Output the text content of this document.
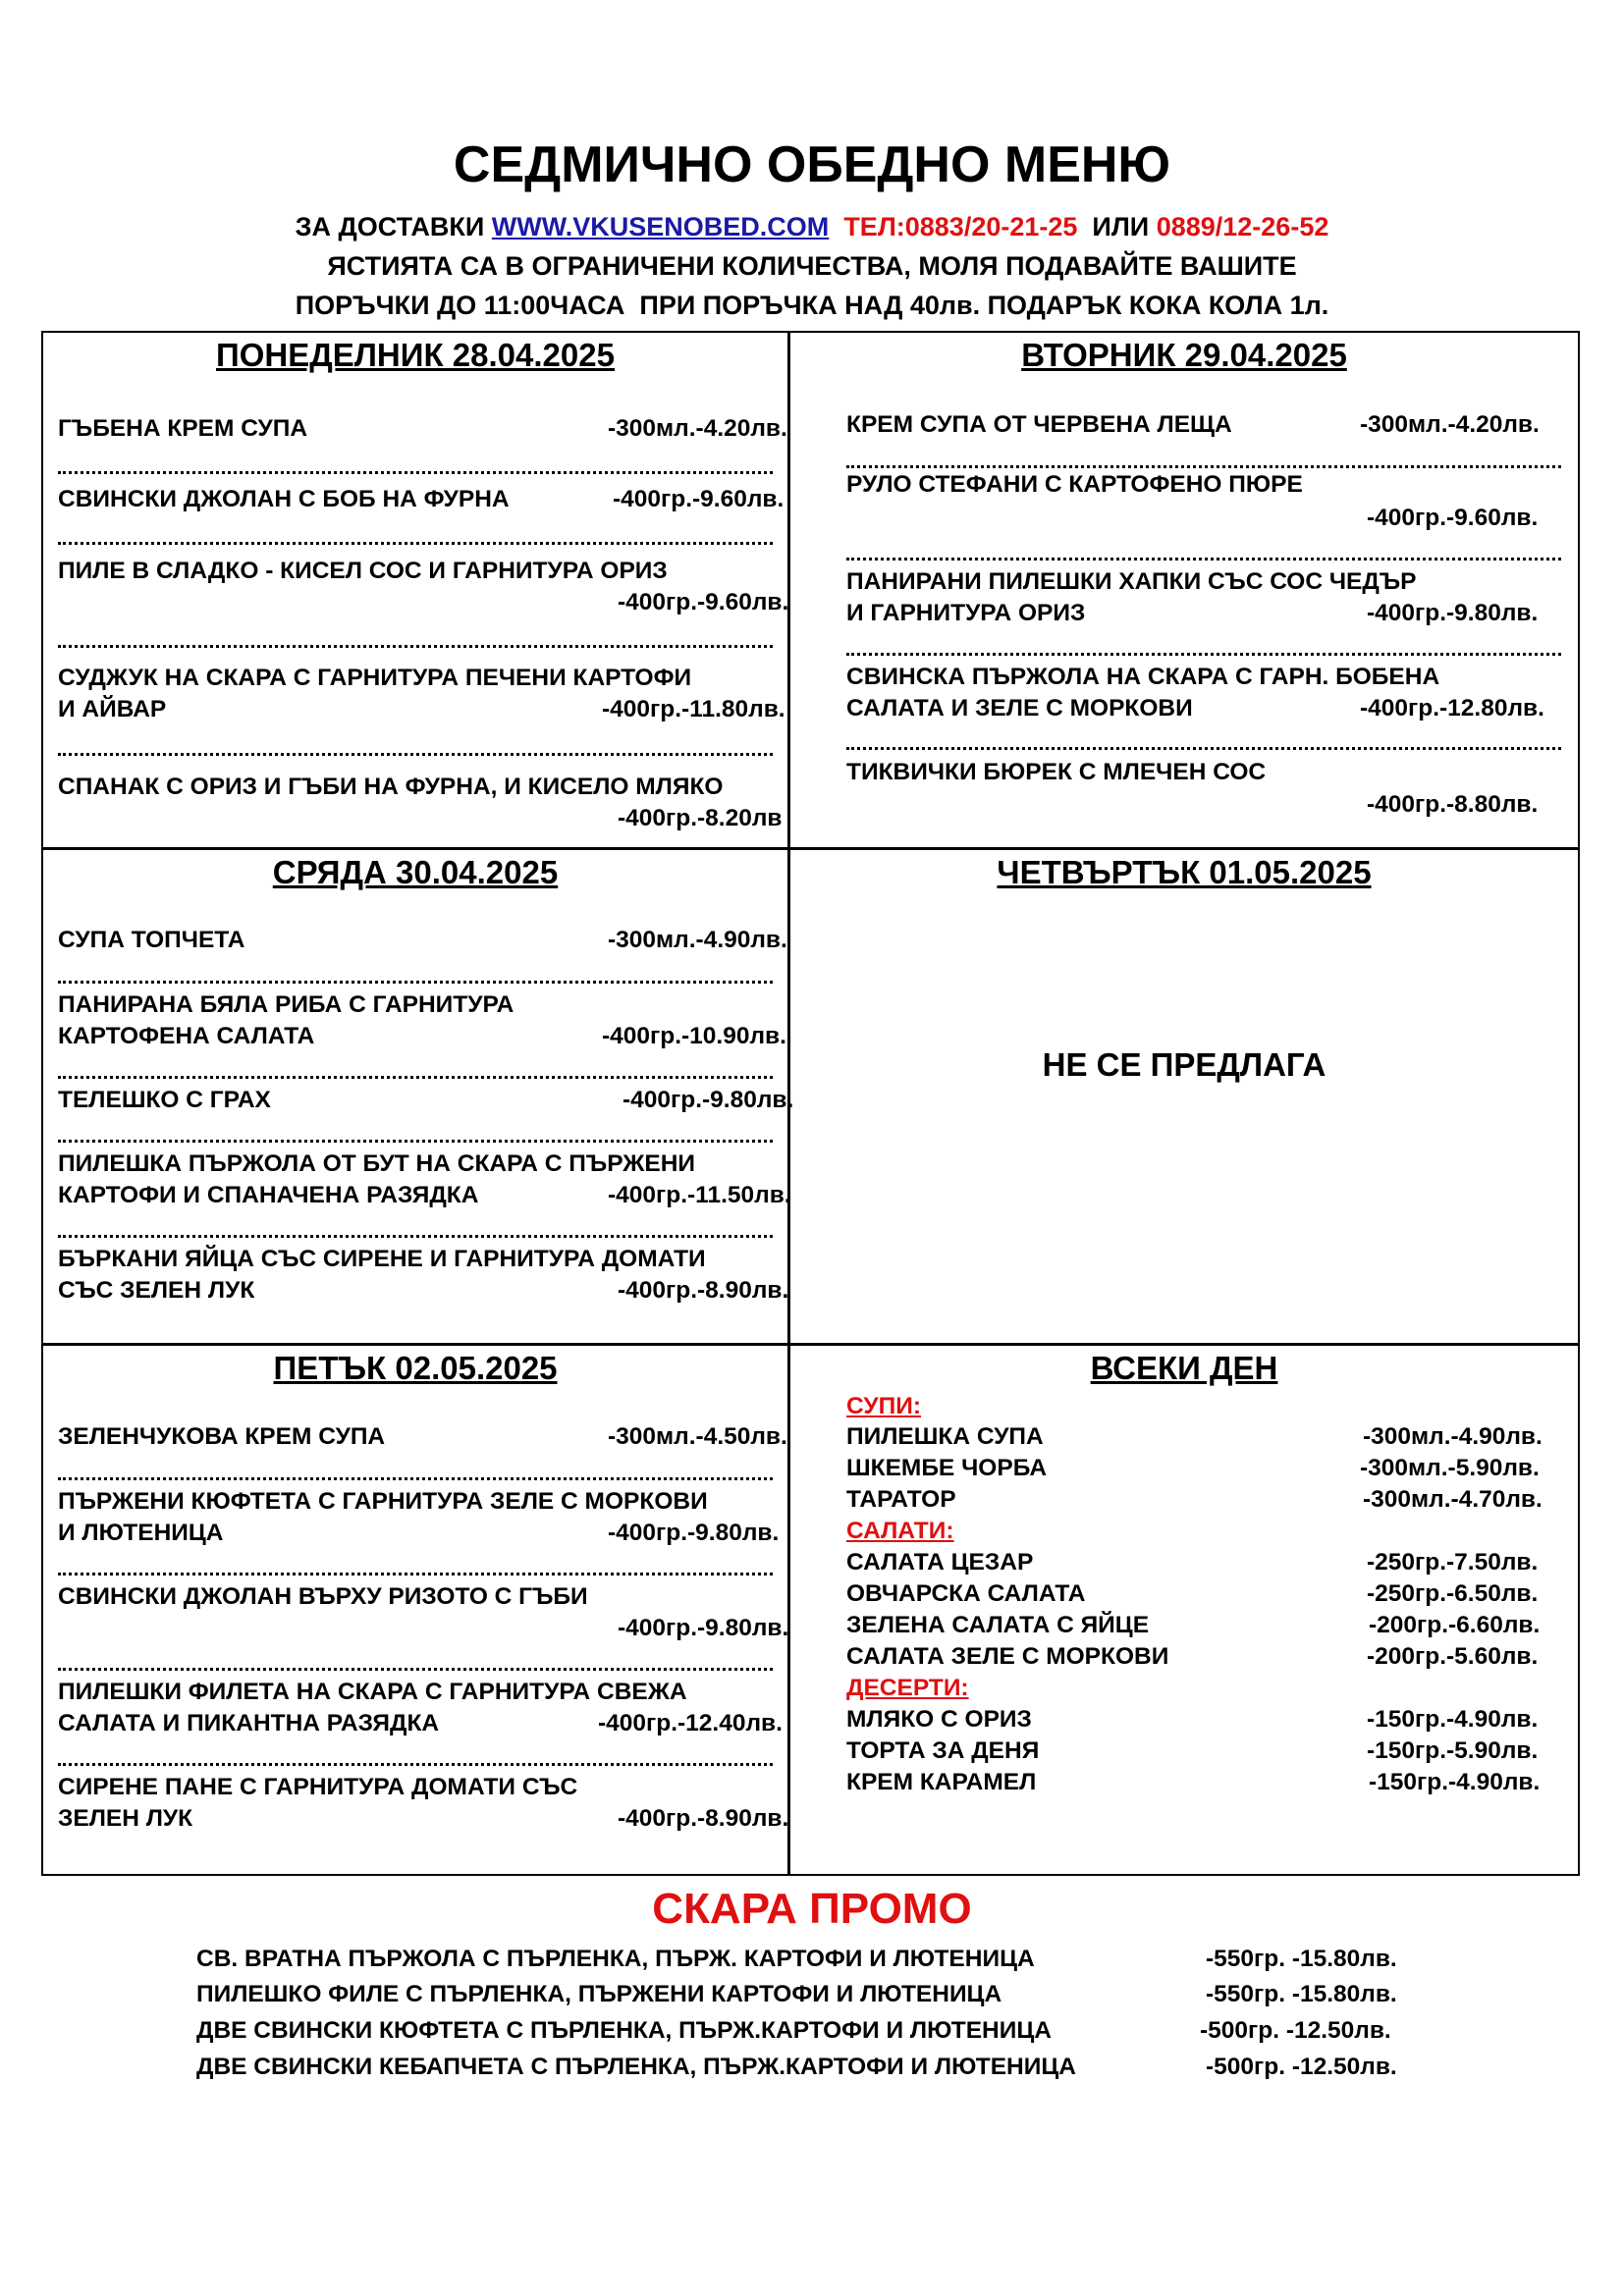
СЕДМИЧНО ОБЕДНО МЕНЮ
ЗА ДОСТАВКИ WWW.VKUSENOBED.COM ТЕЛ:0883/20-21-25 ИЛИ 0889/12-26-52
ЯСТИЯТА СА В ОГРАНИЧЕНИ КОЛИЧЕСТВА, МОЛЯ ПОДАВАЙТЕ ВАШИТЕ
ПОРЪЧКИ ДО 11:00ЧАСА  ПРИ ПОРЪЧКА НАД 40лв. ПОДАРЪК КОКА КОЛА 1л.
ПОНЕДЕЛНИК 28.04.2025
ГЪБЕНА КРЕМ СУПА	-300мл.-4.20лв.
СВИНСКИ ДЖОЛАН С БОБ НА ФУРНА	-400гр.-9.60лв.
ПИЛЕ В СЛАДКО - КИСЕЛ СОС И ГАРНИТУРА ОРИЗ
-400гр.-9.60лв.
СУДЖУК НА СКАРА С ГАРНИТУРА ПЕЧЕНИ КАРТОФИ
И АЙВАР	-400гр.-11.80лв.
СПАНАК С ОРИЗ И ГЪБИ НА ФУРНА, И КИСЕЛО МЛЯКО
-400гр.-8.20лв
ВТОРНИК 29.04.2025
КРЕМ СУПА ОТ ЧЕРВЕНА ЛЕЩА	-300мл.-4.20лв.
РУЛО СТЕФАНИ С КАРТОФЕНО ПЮРЕ
-400гр.-9.60лв.
ПАНИРАНИ ПИЛЕШКИ ХАПКИ СЪС СОС ЧЕДЪР
И ГАРНИТУРА ОРИЗ	-400гр.-9.80лв.
СВИНСКА ПЪРЖОЛА НА СКАРА С ГАРН. БОБЕНА
САЛАТА И ЗЕЛЕ С МОРКОВИ	-400гр.-12.80лв.
ТИКВИЧКИ БЮРЕК С МЛЕЧЕН СОС
-400гр.-8.80лв.
СРЯДА 30.04.2025
СУПА ТОПЧЕТА	-300мл.-4.90лв.
ПАНИРАНА БЯЛА РИБА С ГАРНИТУРА
КАРТОФЕНА САЛАТА	-400гр.-10.90лв.
ТЕЛЕШКО С ГРАХ	-400гр.-9.80лв.
ПИЛЕШКА ПЪРЖОЛА ОТ БУТ НА СКАРА С ПЪРЖЕНИ
КАРТОФИ И СПАНАЧЕНА РАЗЯДКА	-400гр.-11.50лв.
БЪРКАНИ ЯЙЦА СЪС СИРЕНЕ И ГАРНИТУРА ДОМАТИ
СЪС ЗЕЛЕН ЛУК	-400гр.-8.90лв.
ЧЕТВЪРТЪК 01.05.2025
НЕ СЕ ПРЕДЛАГА
ПЕТЪК 02.05.2025
ЗЕЛЕНЧУКОВА КРЕМ СУПА	-300мл.-4.50лв.
ПЪРЖЕНИ КЮФТЕТА С ГАРНИТУРА ЗЕЛЕ С МОРКОВИ
И ЛЮТЕНИЦА	-400гр.-9.80лв.
СВИНСКИ ДЖОЛАН ВЪРХУ РИЗОТО С ГЪБИ
-400гр.-9.80лв.
ПИЛЕШКИ ФИЛЕТА НА СКАРА С ГАРНИТУРА СВЕЖА
САЛАТА И ПИКАНТНА РАЗЯДКА	-400гр.-12.40лв.
СИРЕНЕ ПАНЕ С ГАРНИТУРА ДОМАТИ СЪС
ЗЕЛЕН ЛУК	-400гр.-8.90лв.
ВСЕКИ ДЕН
СУПИ:
ПИЛЕШКА СУПА	-300мл.-4.90лв.
ШКЕМБЕ ЧОРБА	-300мл.-5.90лв.
ТАРАТОР	-300мл.-4.70лв.
САЛАТИ:
САЛАТА ЦЕЗАР	-250гр.-7.50лв.
ОВЧАРСКА САЛАТА	-250гр.-6.50лв.
ЗЕЛЕНА САЛАТА С ЯЙЦЕ	-200гр.-6.60лв.
САЛАТА ЗЕЛЕ С МОРКОВИ	-200гр.-5.60лв.
ДЕСЕРТИ:
МЛЯКО С ОРИЗ	-150гр.-4.90лв.
ТОРТА ЗА ДЕНЯ	-150гр.-5.90лв.
КРЕМ КАРАМЕЛ	-150гр.-4.90лв.
СКАРА ПРОМО
СВ. ВРАТНА ПЪРЖОЛА С ПЪРЛЕНКА, ПЪРЖ. КАРТОФИ И ЛЮТЕНИЦА	-550гр. -15.80лв.
ПИЛЕШКО ФИЛЕ С ПЪРЛЕНКА, ПЪРЖЕНИ КАРТОФИ И ЛЮТЕНИЦА	-550гр. -15.80лв.
ДВЕ СВИНСКИ КЮФТЕТА С ПЪРЛЕНКА, ПЪРЖ.КАРТОФИ И ЛЮТЕНИЦА	-500гр. -12.50лв.
ДВЕ СВИНСКИ КЕБАПЧЕТА С ПЪРЛЕНКА, ПЪРЖ.КАРТОФИ И ЛЮТЕНИЦА	-500гр. -12.50лв.
